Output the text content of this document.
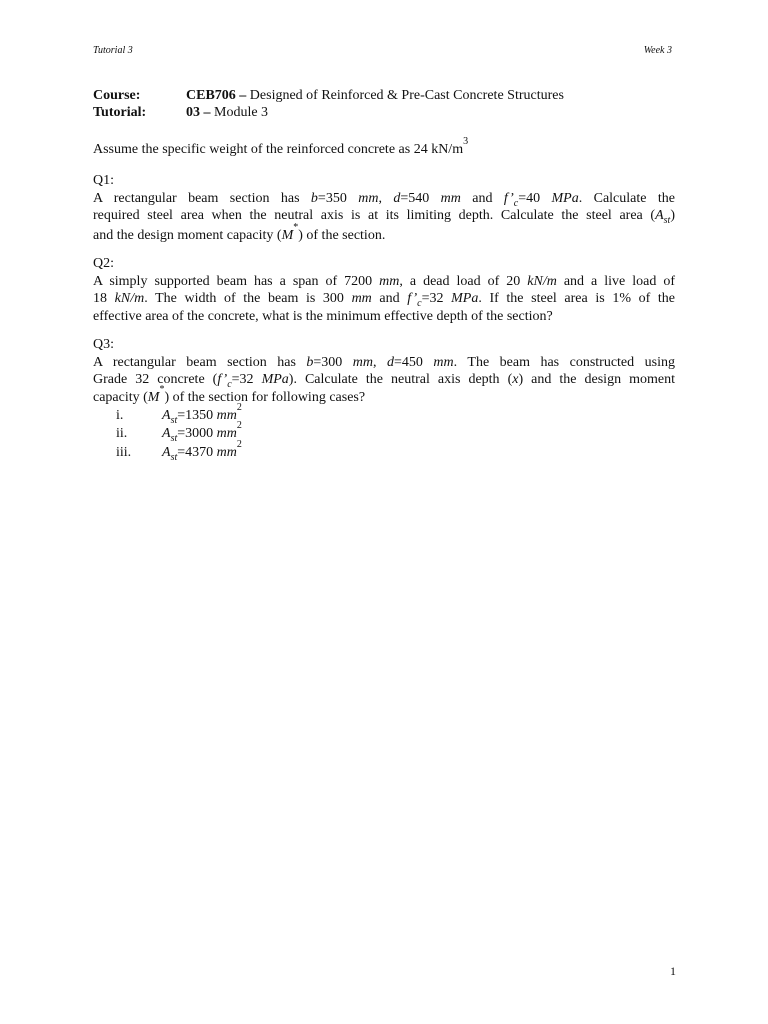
Tutorial 3	Week 3
Course:	CEB706 – Designed of Reinforced & Pre-Cast Concrete Structures
Tutorial:	03 – Module 3
Assume the specific weight of the reinforced concrete as 24 $kN/m^3$
Q1:
A rectangular beam section has b=350 mm, d=540 mm and $f’_c=40$ MPa. Calculate the
required steel area when the neutral axis is at its limiting depth. Calculate the steel area $(A_{st})$
and the design moment capacity (M*) of the section.
Q2:
A simply supported beam has a span of 7200 mm, a dead load of 20 kN/m and a live load of
18 kN/m. The width of the beam is 300 mm and $f’_c=32$ MPa. If the steel area is 1% of the
effective area of the concrete, what is the minimum effective depth of the section?
Q3:
A rectangular beam section has b=300 mm, d=450 mm. The beam has constructed using
Grade 32 concrete ($f’_c=32$ MPa). Calculate the neutral axis depth (x) and the design moment
capacity (M*) of the section for following cases?
i.	$A_{st}=1350$ $mm^2$
ii.	$A_{st}=3000$ $mm^2$
iii.	$A_{st}=4370$ $mm^2$
1
